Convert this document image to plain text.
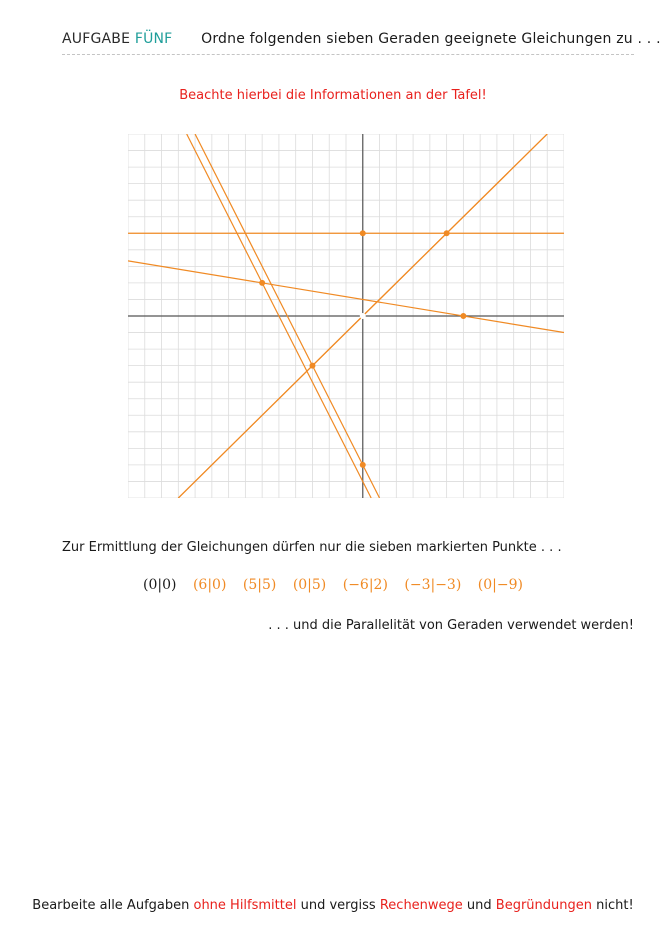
AUFGABE FÜNF Ordne folgenden sieben Geraden geeignete Gleichungen zu . . .
Beachte hierbei die Informationen an der Tafel!
Zur Ermittlung der Gleichungen dürfen nur die sieben markierten Punkte . . .
(0|0) (6|0) (5|5) (0|5) (−6|2) (−3|−3) (0|−9)
. . . und die Parallelität von Geraden verwendet werden!
Bearbeite alle Aufgaben ohne Hilfsmittel und vergiss Rechenwege und Begründungen nicht!
